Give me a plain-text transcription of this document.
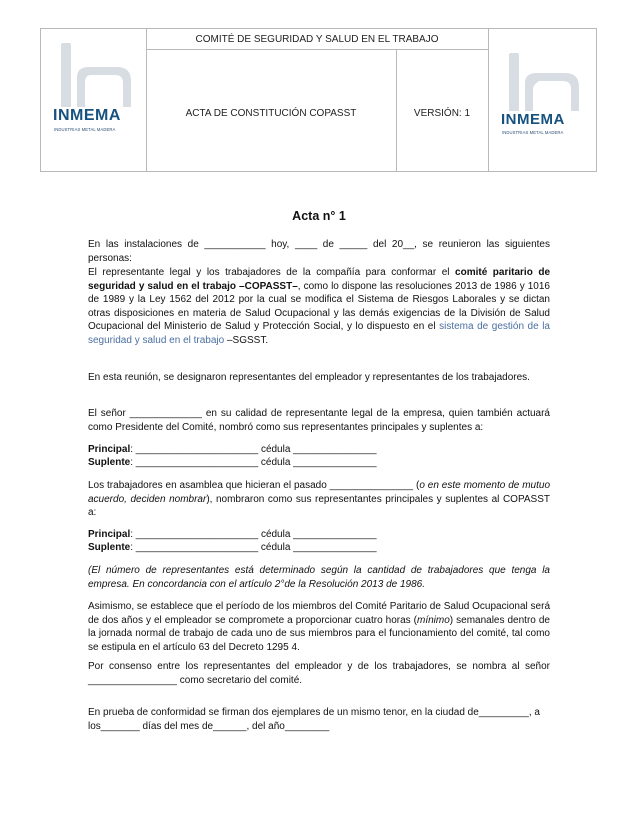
COMITÉ DE SEGURIDAD Y SALUD EN EL TRABAJO
ACTA DE CONSTITUCIÓN COPASST	VERSIÓN: 1
INMEMA
INDUSTRIAS METAL MADERA
INMEMA
INDUSTRIAS METAL MADERA
Acta n° 1
En las instalaciones de ___________ hoy, ____ de _____ del 20__, se reunieron las siguientes personas:
El representante legal y los trabajadores de la compañía para conformar el comité paritario de seguridad y salud en el trabajo –COPASST–, como lo dispone las resoluciones 2013 de 1986 y 1016 de 1989 y la Ley 1562 del 2012 por la cual se modifica el Sistema de Riesgos Laborales y se dictan otras disposiciones en materia de Salud Ocupacional y las demás exigencias de la División de Salud Ocupacional del Ministerio de Salud y Protección Social, y lo dispuesto en el sistema de gestión de la seguridad y salud en el trabajo –SGSST.
En esta reunión, se designaron representantes del empleador y representantes de los trabajadores.
El señor _____________ en su calidad de representante legal de la empresa, quien también actuará como Presidente del Comité, nombró como sus representantes principales y suplentes a:
Principal: ______________________ cédula _______________
Suplente: ______________________ cédula _______________
Los trabajadores en asamblea que hicieran el pasado _______________ (o en este momento de mutuo acuerdo, deciden nombrar), nombraron como sus representantes principales y suplentes al COPASST a:
Principal: ______________________ cédula _______________
Suplente: ______________________ cédula _______________
(El número de representantes está determinado según la cantidad de trabajadores que tenga la empresa. En concordancia con el artículo 2°de la Resolución 2013 de 1986.
Asimismo, se establece que el período de los miembros del Comité Paritario de Salud Ocupacional será de dos años y el empleador se compromete a proporcionar cuatro horas (mínimo) semanales dentro de la jornada normal de trabajo de cada uno de sus miembros para el funcionamiento del comité, tal como se estipula en el artículo 63 del Decreto 1295 4.
Por consenso entre los representantes del empleador y de los trabajadores, se nombra al señor ________________ como secretario del comité.
En prueba de conformidad se firman dos ejemplares de un mismo tenor, en la ciudad de_________, a los_______ días del mes de______, del año________
